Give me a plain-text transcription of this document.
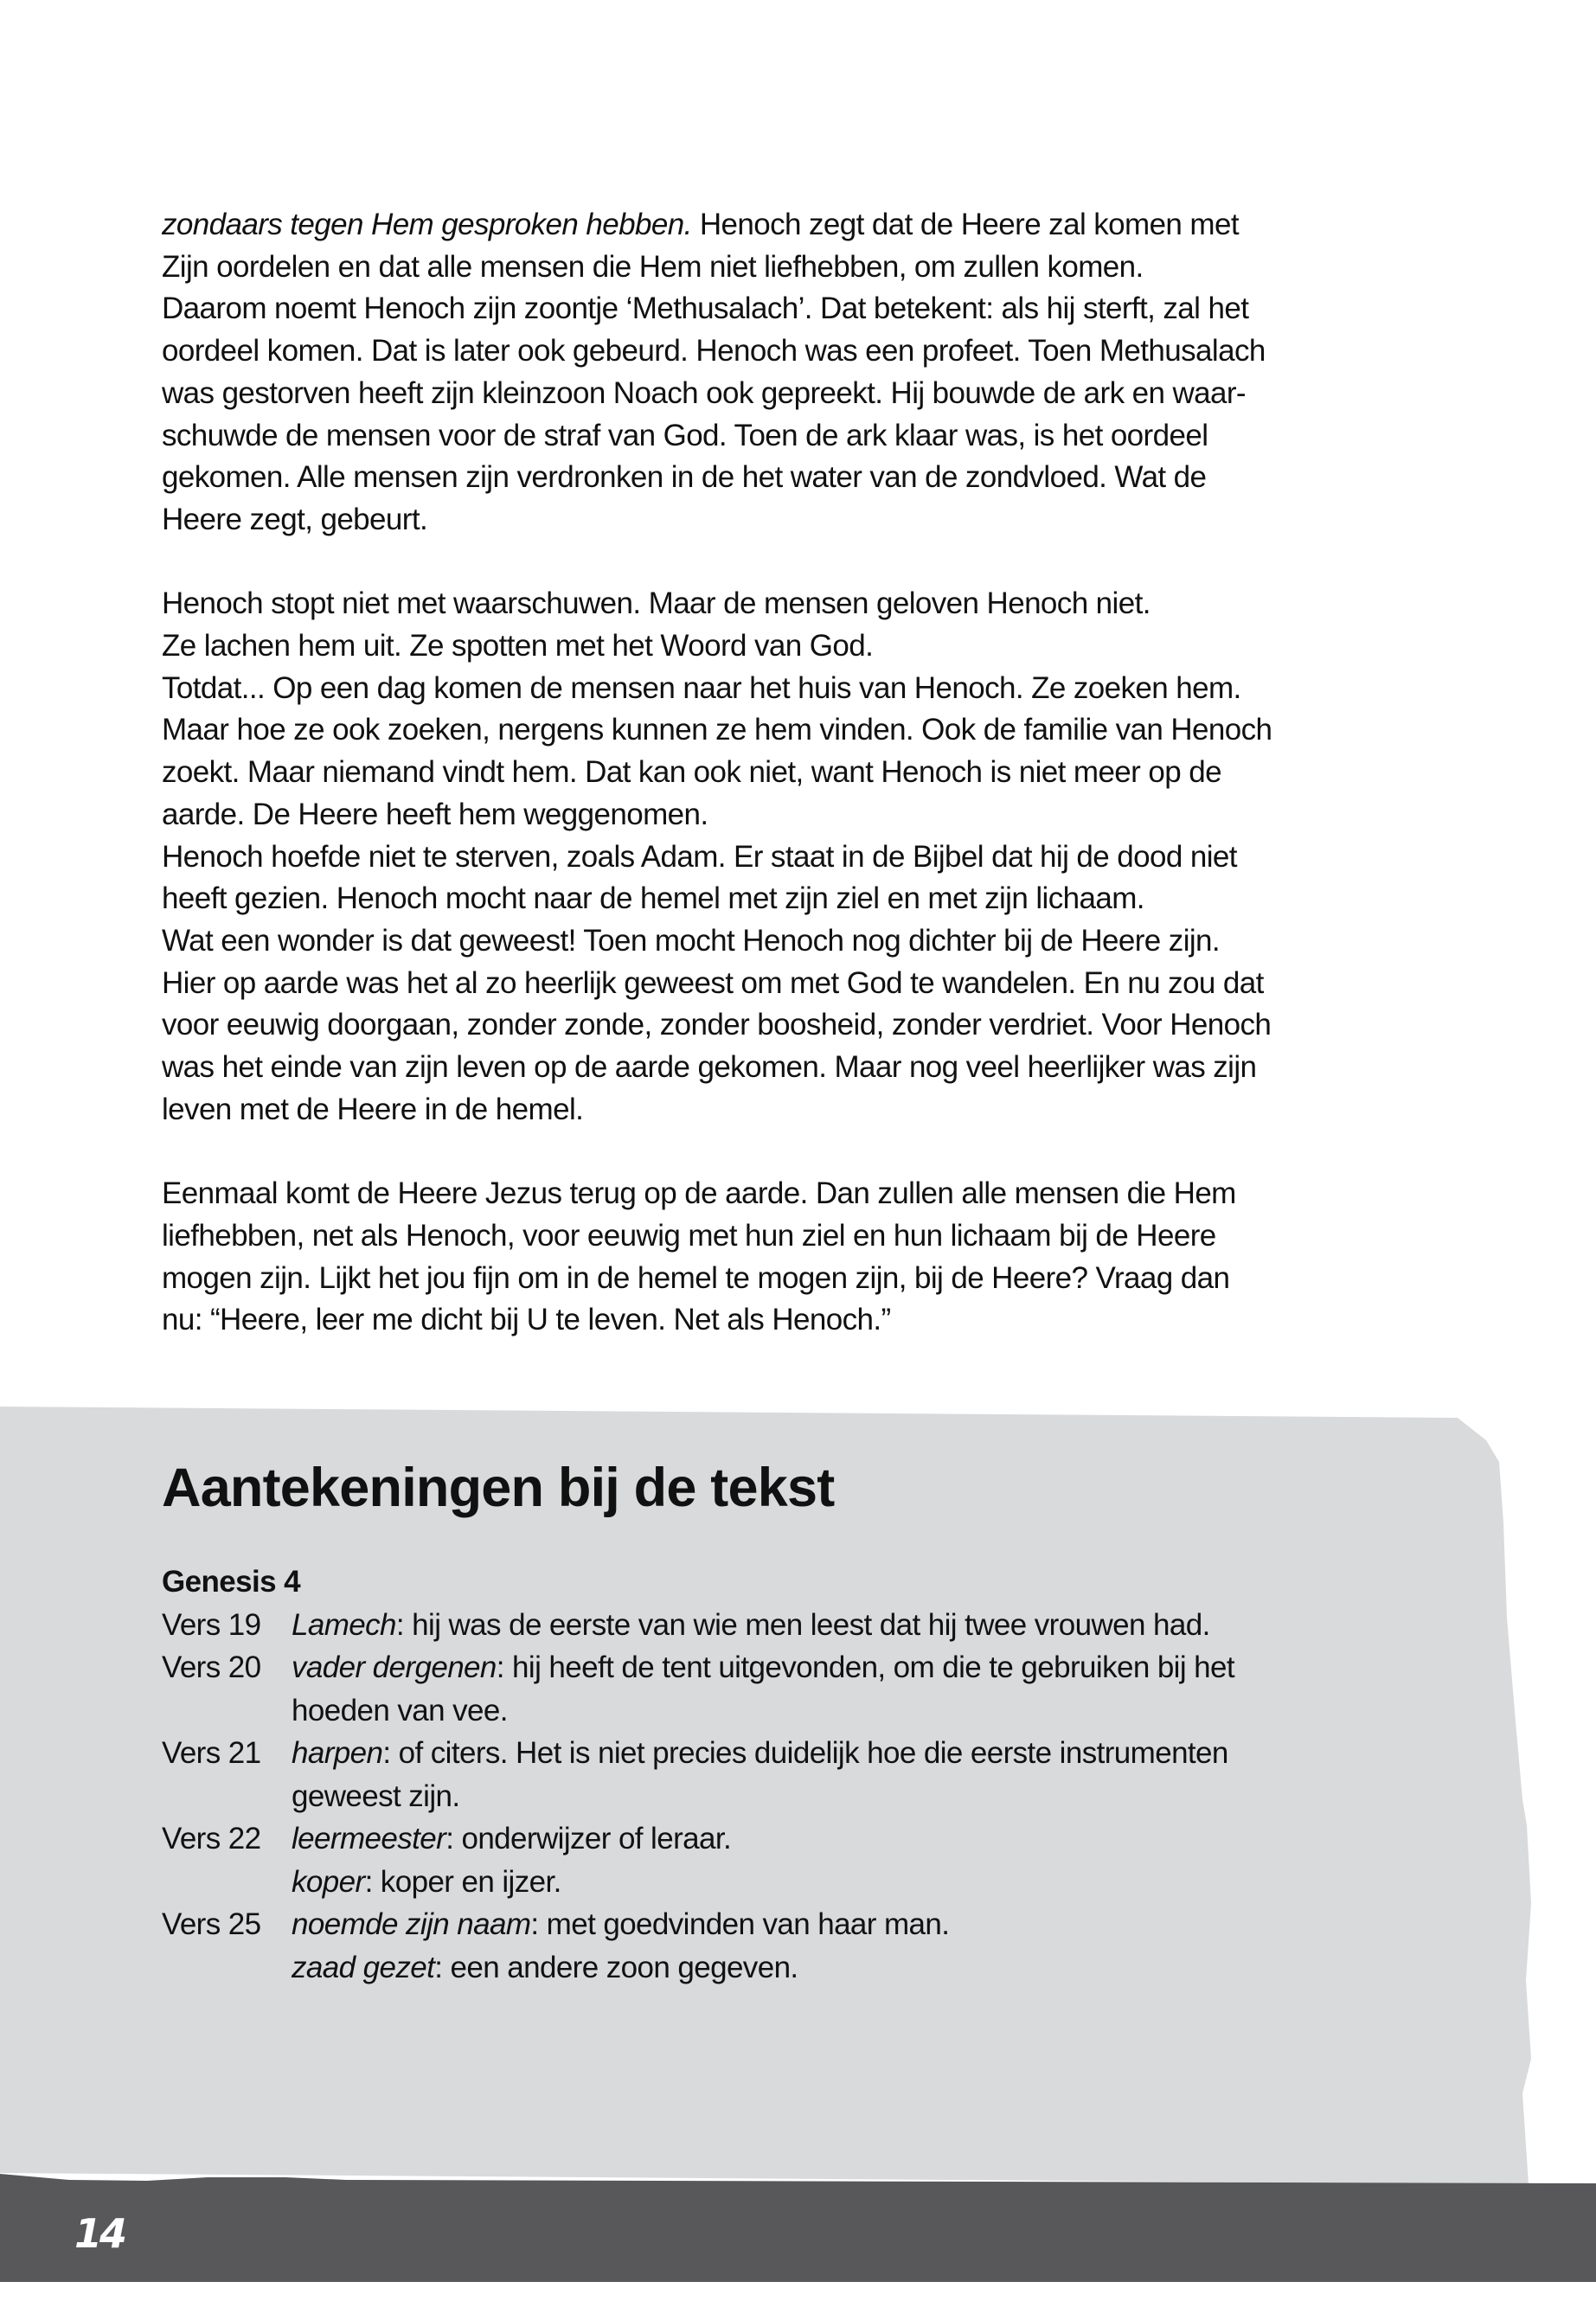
zondaars tegen Hem gesproken hebben. Henoch zegt dat de Heere zal komen met
Zijn oordelen en dat alle mensen die Hem niet liefhebben, om zullen komen.
Daarom noemt Henoch zijn zoontje ‘Methusalach’. Dat betekent: als hij sterft, zal het
oordeel komen. Dat is later ook gebeurd. Henoch was een profeet. Toen Methusalach
was gestorven heeft zijn kleinzoon Noach ook gepreekt. Hij bouwde de ark en waar-
schuwde de mensen voor de straf van God. Toen de ark klaar was, is het oordeel
gekomen. Alle mensen zijn verdronken in de het water van de zondvloed. Wat de
Heere zegt, gebeurt.

Henoch stopt niet met waarschuwen. Maar de mensen geloven Henoch niet.
Ze lachen hem uit. Ze spotten met het Woord van God.
Totdat... Op een dag komen de mensen naar het huis van Henoch. Ze zoeken hem.
Maar hoe ze ook zoeken, nergens kunnen ze hem vinden. Ook de familie van Henoch
zoekt. Maar niemand vindt hem. Dat kan ook niet, want Henoch is niet meer op de
aarde. De Heere heeft hem weggenomen.
Henoch hoefde niet te sterven, zoals Adam. Er staat in de Bijbel dat hij de dood niet
heeft gezien. Henoch mocht naar de hemel met zijn ziel en met zijn lichaam.
Wat een wonder is dat geweest! Toen mocht Henoch nog dichter bij de Heere zijn.
Hier op aarde was het al zo heerlijk geweest om met God te wandelen. En nu zou dat
voor eeuwig doorgaan, zonder zonde, zonder boosheid, zonder verdriet. Voor Henoch
was het einde van zijn leven op de aarde gekomen. Maar nog veel heerlijker was zijn
leven met de Heere in de hemel.

Eenmaal komt de Heere Jezus terug op de aarde. Dan zullen alle mensen die Hem
liefhebben, net als Henoch, voor eeuwig met hun ziel en hun lichaam bij de Heere
mogen zijn. Lijkt het jou fijn om in de hemel te mogen zijn, bij de Heere? Vraag dan
nu: “Heere, leer me dicht bij U te leven. Net als Henoch.”

Aantekeningen bij de tekst
Genesis 4
Vers 19	Lamech: hij was de eerste van wie men leest dat hij twee vrouwen had.
Vers 20	vader dergenen: hij heeft de tent uitgevonden, om die te gebruiken bij het
hoeden van vee.
Vers 21	harpen: of citers. Het is niet precies duidelijk hoe die eerste instrumenten
geweest zijn.
Vers 22	leermeester: onderwijzer of leraar.
koper: koper en ijzer.
Vers 25	noemde zijn naam: met goedvinden van haar man.
zaad gezet: een andere zoon gegeven.
14
